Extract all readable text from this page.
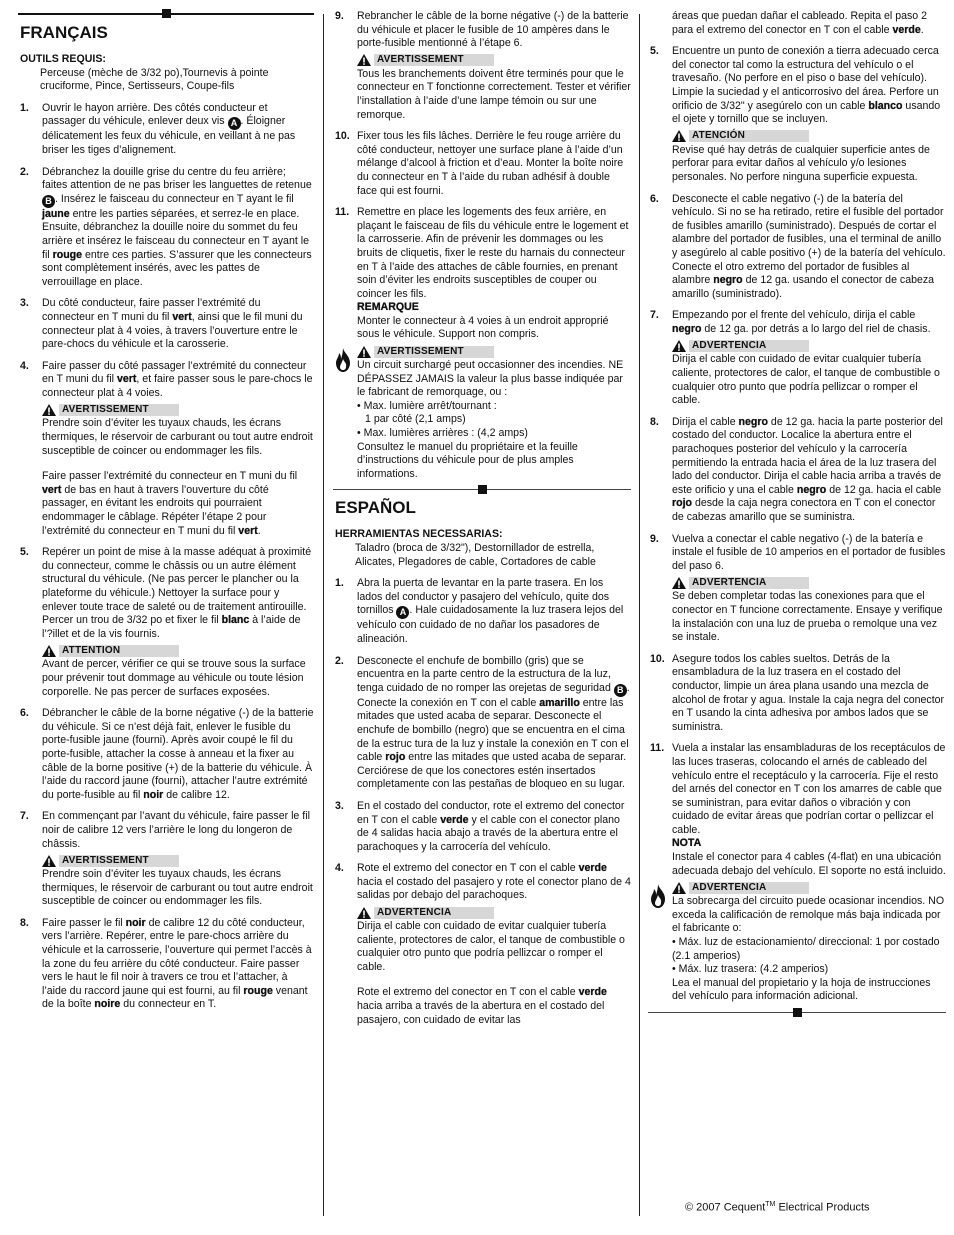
FRANÇAIS
OUTILS REQUIS:
Perceuse (mèche de 3/32 po),Tournevis à pointe cruciforme, Pince, Sertisseurs, Coupe-fils
1.	Ouvrir le hayon arrière. Des côtés conducteur et passager du véhicule, enlever deux vis A . Éloigner délicatement les feux du véhicule, en veillant à ne pas briser les tiges d’alignement.
2.	Débranchez la douille grise du centre du feu arrière; faites attention de ne pas briser les languettes de retenue B . Insérez le faisceau du connecteur en T ayant le fil jaune entre les parties séparées, et serrez-le en place. Ensuite, débranchez la douille noire du sommet du feu arrière et insérez le faisceau du connecteur en T ayant le fil rouge entre ces parties. S’assurer que les connecteurs sont complètement insérés, avec les pattes de verrouillage en place.
3.	Du côté conducteur, faire passer l’extrémité du connecteur en T muni du fil vert, ainsi que le fil muni du connecteur plat à 4 voies, à travers l’ouverture entre le pare-chocs du véhicule et la carosserie.
4.	Faire passer du côté passager l’extrémité du connecteur en T muni du fil vert, et faire passer sous le pare-chocs le connecteur plat à 4 voies.
AVERTISSEMENT
Prendre soin d’éviter les tuyaux chauds, les écrans thermiques, le réservoir de carburant ou tout autre endroit susceptible de coincer ou endommager les fils.
Faire passer l’extrémité du connecteur en T muni du fil vert de bas en haut à travers l’ouverture du côté passager, en évitant les endroits qui pourraient endommager le câblage. Répéter l’étape 2 pour l’extrémité du connecteur en T muni du fil vert.
5.	Repérer un point de mise à la masse adéquat à proximité du connecteur, comme le châssis ou un autre élément structural du véhicule. (Ne pas percer le plancher ou la plateforme du véhicule.) Nettoyer la surface pour y enlever toute trace de saleté ou de traitement antirouille. Percer un trou de 3/32 po et fixer le fil blanc à l’aide de l’?illet et de la vis fournis.
ATTENTION
Avant de percer, vérifier ce qui se trouve sous la surface pour prévenir tout dommage au véhicule ou toute lésion corporelle. Ne pas percer de surfaces exposées.
6.	Débrancher le câble de la borne négative (-) de la batterie du véhicule. Si ce n’est déjà fait, enlever le fusible du porte-fusible jaune (fourni). Après avoir coupé le fil du porte-fusible, attacher la cosse à anneau et la fixer au câble de la borne positive (+) de la batterie du véhicule. À l’aide du raccord jaune (fourni), attacher l’autre extrémité du porte-fusible au fil noir de calibre 12.
7.	En commençant par l’avant du véhicule, faire passer le fil noir de calibre 12 vers l’arrière le long du longeron de châssis.
AVERTISSEMENT
Prendre soin d’éviter les tuyaux chauds, les écrans thermiques, le réservoir de carburant ou tout autre endroit susceptible de coincer ou endommager les fils.
8.	Faire passer le fil noir de calibre 12 du côté conducteur, vers l’arrière. Repérer, entre le pare-chocs arrière du véhicule et la carrosserie, l’ouverture qui permet l’accès à la zone du feu arrière du côté conducteur. Faire passer vers le haut le fil noir à travers ce trou et l’attacher, à l’aide du raccord jaune qui est fourni, au fil rouge venant de la boîte noire du connecteur en T.
9.	Rebrancher le câble de la borne négative (-) de la batterie du véhicule et placer le fusible de 10 ampères dans le porte-fusible mentionné à l’étape 6.
AVERTISSEMENT
Tous les branchements doivent être terminés pour que le connecteur en T fonctionne correctement. Tester et vérifier l’installation à l’aide d’une lampe témoin ou sur une remorque.
10. Fixer tous les fils lâches. Derrière le feu rouge arrière du côté conducteur, nettoyer une surface plane à l’aide d’un mélange d’alcool à friction et d’eau. Monter la boîte noire du connecteur en T à l’aide du ruban adhésif à double face qui est fourni.
11. Remettre en place les logements des feux arrière, en plaçant le faisceau de fils du véhicule entre le logement et la carrosserie. Afin de prévenir les dommages ou les bruits de cliquetis, fixer le reste du harnais du connecteur en T à l’aide des attaches de câble fournies, en prenant soin d’éviter les endroits susceptibles de couper ou coincer les fils.
REMARQUE
Monter le connecteur à 4 voies à un endroit approprié sous le véhicule. Support non compris.
AVERTISSEMENT
Un circuit surchargé peut occasionner des incendies. NE DÉPASSEZ JAMAIS la valeur la plus basse indiquée par le fabricant de remorquage, ou :
• Max. lumière arrêt/tournant :
1 par côté (2,1 amps)
• Max. lumières arrières : (4,2 amps)
Consultez le manuel du propriétaire et la feuille d’instructions du véhicule pour de plus amples informations.
ESPAÑOL
HERRAMIENTAS NECESSARIAS:
Taladro (broca de 3/32"), Destornillador de estrella, Alicates, Plegadores de cable, Cortadores de cable
1.	Abra la puerta de levantar en la parte trasera. En los lados del conductor y pasajero del vehículo, quite dos tornillos A . Hale cuidadosamente la luz trasera lejos del vehículo con cuidado de no dañar los pasadores de alineación.
2.	Desconecte el enchufe de bombillo (gris) que se encuentra en la parte centro de la estructura de la luz, tenga cuidado de no romper las orejetas de seguridad B . Conecte la conexión en T con el cable amarillo entre las mitades que usted acaba de separar. Desconecte el enchufe de bombillo (negro) que se encuentra en el cima de la estruc tura de la luz y instale la conexión en T con el cable rojo entre las mitades que usted acaba de separar. Cerciórese de que los conectores estén insertados completamente con las pestañas de bloqueo en su lugar.
3.	En el costado del conductor, rote el extremo del conector en T con el cable verde y el cable con el conector plano de 4 salidas hacia abajo a través de la abertura entre el parachoques y la carrocería del vehículo.
4.	Rote el extremo del conector en T con el cable verde hacia el costado del pasajero y rote el conector plano de 4 salidas por debajo del parachoques.
ADVERTENCIA
Dirija el cable con cuidado de evitar cualquier tubería caliente, protectores de calor, el tanque de combustible o cualquier otro punto que podría pellizcar o romper el cable.
Rote el extremo del conector en T con el cable verde hacia arriba a través de la abertura en el costado del pasajero, con cuidado de evitar las
áreas que puedan dañar el cableado. Repita el paso 2 para el extremo del conector en T con el cable verde.
5.	Encuentre un punto de conexión a tierra adecuado cerca del conector tal como la estructura del vehículo o el travesaño. (No perfore en el piso o base del vehículo). Limpie la suciedad y el anticorrosivo del área. Perfore un orificio de 3/32" y asegúrelo con un cable blanco usando el ojete y tornillo que se incluyen.
ATENCIÓN
Revise qué hay detrás de cualquier superficie antes de perforar para evitar daños al vehículo y/o lesiones personales. No perfore ninguna superficie expuesta.
6.	Desconecte el cable negativo (-) de la batería del vehículo. Si no se ha retirado, retire el fusible del portador de fusibles amarillo (suministrado). Después de cortar el alambre del portador de fusibles, una el terminal de anillo y asegúrelo al cable positivo (+) de la batería del vehículo. Conecte el otro extremo del portador de fusibles al alambre negro de 12 ga. usando el conector de cabeza amarillo (suministrado).
7.	Empezando por el frente del vehículo, dirija el cable negro de 12 ga. por detrás a lo largo del riel de chasis.
ADVERTENCIA
Dirija el cable con cuidado de evitar cualquier tubería caliente, protectores de calor, el tanque de combustible o cualquier otro punto que podría pellizcar o romper el cable.
8.	Dirija el cable negro de 12 ga. hacia la parte posterior del costado del conductor. Localice la abertura entre el parachoques posterior del vehículo y la carrocería permitiendo la entrada hacia el área de la luz trasera del lado del conductor. Dirija el cable hacia arriba a través de este orificio y una el cable negro de 12 ga. hacia el cable rojo desde la caja negra conectora en T con el conector de cabezas amarillo que se suministra.
9.	Vuelva a conectar el cable negativo (-) de la batería e instale el fusible de 10 amperios en el portador de fusibles del paso 6.
ADVERTENCIA
Se deben completar todas las conexiones para que el conector en T funcione correctamente. Ensaye y verifique la instalación con una luz de prueba o remolque una vez se instale.
10. Asegure todos los cables sueltos. Detrás de la ensambladura de la luz trasera en el costado del conductor, limpie un área plana usando una mezcla de alcohol de frotar y agua. Instale la caja negra del conector en T usando la cinta adhesiva por ambos lados que se suministra.
11. Vuela a instalar las ensambladuras de los receptáculos de las luces traseras, colocando el arnés de cableado del vehículo entre el receptáculo y la carrocería. Fije el resto del arnés del conector en T con los amarres de cable que se suministran, para evitar daños o vibración y con cuidado de evitar áreas que podrían cortar o pellizcar el cable.
NOTA
Instale el conector para 4 cables (4-flat) en una ubicación adecuada debajo del vehículo. El soporte no está incluido.
ADVERTENCIA
La sobrecarga del circuito puede ocasionar incendios. NO exceda la calificación de remolque más baja indicada por el fabricante o:
• Máx. luz de estacionamiento/ direccional: 1 por costado (2.1 amperios)
• Máx. luz trasera: (4.2 amperios)
Lea el manual del propietario y la hoja de instrucciones del vehículo para información adicional.
© 2007 Cequent™ Electrical Products
